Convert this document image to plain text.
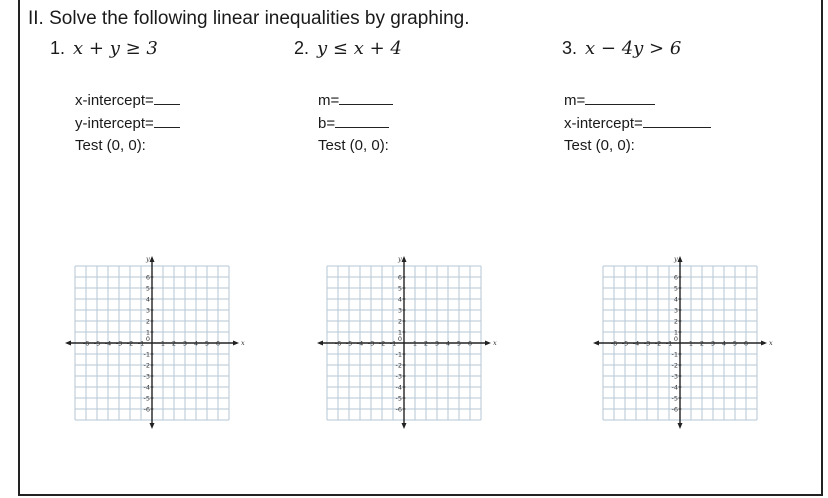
II. Solve the following linear inequalities by graphing.
1. x + y ≥ 3
x-intercept=
y-intercept=
Test (0, 0):
2. y ≤ x + 4
m=
b=
Test (0, 0):
3. x − 4y > 6
m=
x-intercept=
Test (0, 0):
x
y
-6 -5 -4 -3 -2 -1	1 2 3 4 5 6
6
5
4
3
2
1
-1
-2
-3
-4
-5
-6
0	x
y
-6 -5 -4 -3 -2 -1	1 2 3 4 5 6
6
5
4
3
2
1
-1
-2
-3
-4
-5
-6
0	x
y
-6 -5 -4 -3 -2 -1	1 2 3 4 5 6
6
5
4
3
2
1
-1
-2
-3
-4
-5
-6
0
